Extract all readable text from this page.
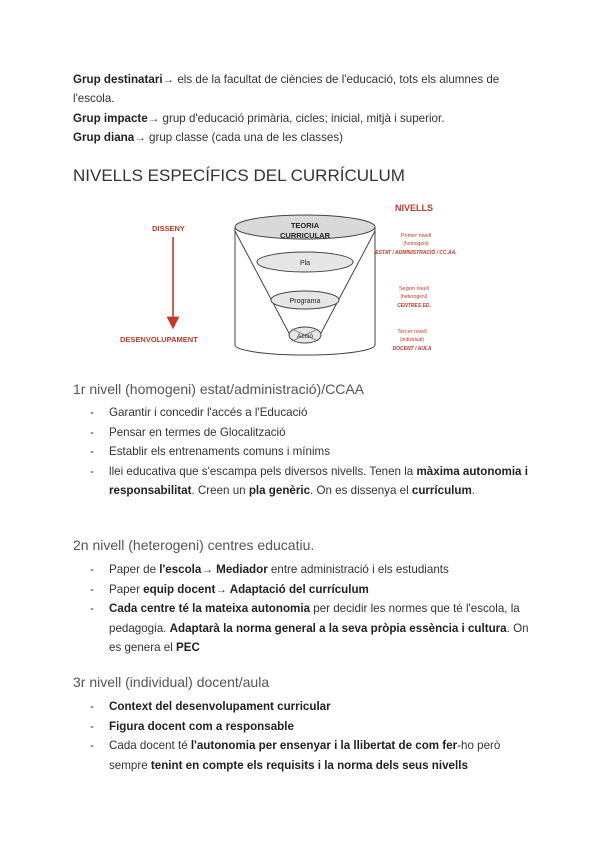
Grup destinatari→ els de la facultat de ciències de l'educació, tots els alumnes de
l'escola.
Grup impacte→ grup d'educació primària, cicles; inicial, mitjà i superior.
Grup diana→ grup classe (cada una de les classes)
NIVELLS ESPECÍFICS DEL CURRÍCULUM
DISSENY
DESENVOLUPAMENT
TEORIA
CURRICULAR
Pla
Programa
Acció
NIVELLS
Primer nivell
(homogeni)
ESTAT / ADMINISTRACIÓ / CC.AA.
Segon nivell
(heterogeni)
CENTRES ED.
Tercer nivell
(individual)
DOCENT / AULA
1r nivell (homogeni) estat/administració)/CCAA
- Garantir i concedir l'accés a l'Educació
- Pensar en termes de Glocalització
- Establir els entrenaments comuns i mínims
- llei educativa que s'escampa pels diversos nivells. Tenen la màxima autonomia i responsabilitat. Creen un pla genèric. On es dissenya el currículum.
2n nivell (heterogeni) centres educatiu.
- Paper de l'escola→ Mediador entre administració i els estudiants
- Paper equip docent→ Adaptació del currículum
- Cada centre té la mateixa autonomia per decidir les normes que té l'escola, la pedagogia. Adaptarà la norma general a la seva pròpia essència i cultura. On es genera el PEC
3r nivell (individual) docent/aula
- Context del desenvolupament curricular
- Figura docent com a responsable
- Cada docent té l'autonomia per ensenyar i la llibertat de com fer-ho però sempre tenint en compte els requisits i la norma dels seus nivells
